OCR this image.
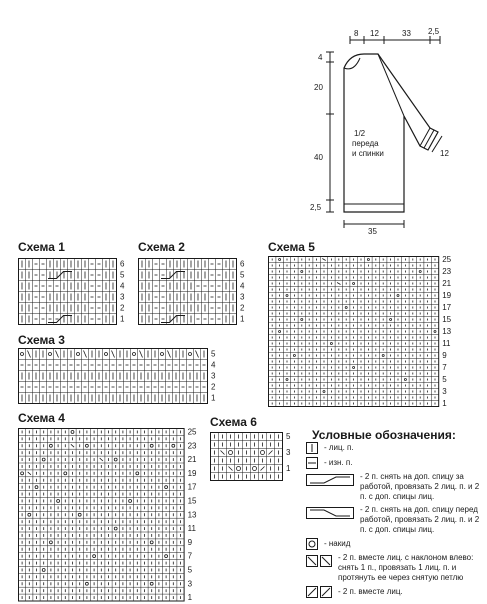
8 12	33 2,5
4
20
40
2,5
12
35
1/2
переда
и спинки
Схема 1	Схема 2	Схема 5
Схема 3
Схема 4	Схема 6
6
5
4
3
2
1
6
5
4
3
2
1
5
4
3
2
1
25
23
21
19
17
15
13
11
9
7
5
3
1
25
23
21
19
17
15
13
11
9
7
5
3
1
5
3
1
Условные обозначения:
- лиц. п.
- изн. п.
- 2 п. снять на доп. спицу за работой, провязать 2 лиц. п. и 2 п. с доп. спицы лиц.
- 2 п. снять на доп. спицу перед работой, провязать 2 лиц. п. и 2 п. с доп. спицы лиц.
- накид
- 2 п. вместе лиц. с наклоном влево: снять 1 п., провязать 1 лиц. п. и протянуть ее через снятую петлю
- 2 п. вместе лиц.
